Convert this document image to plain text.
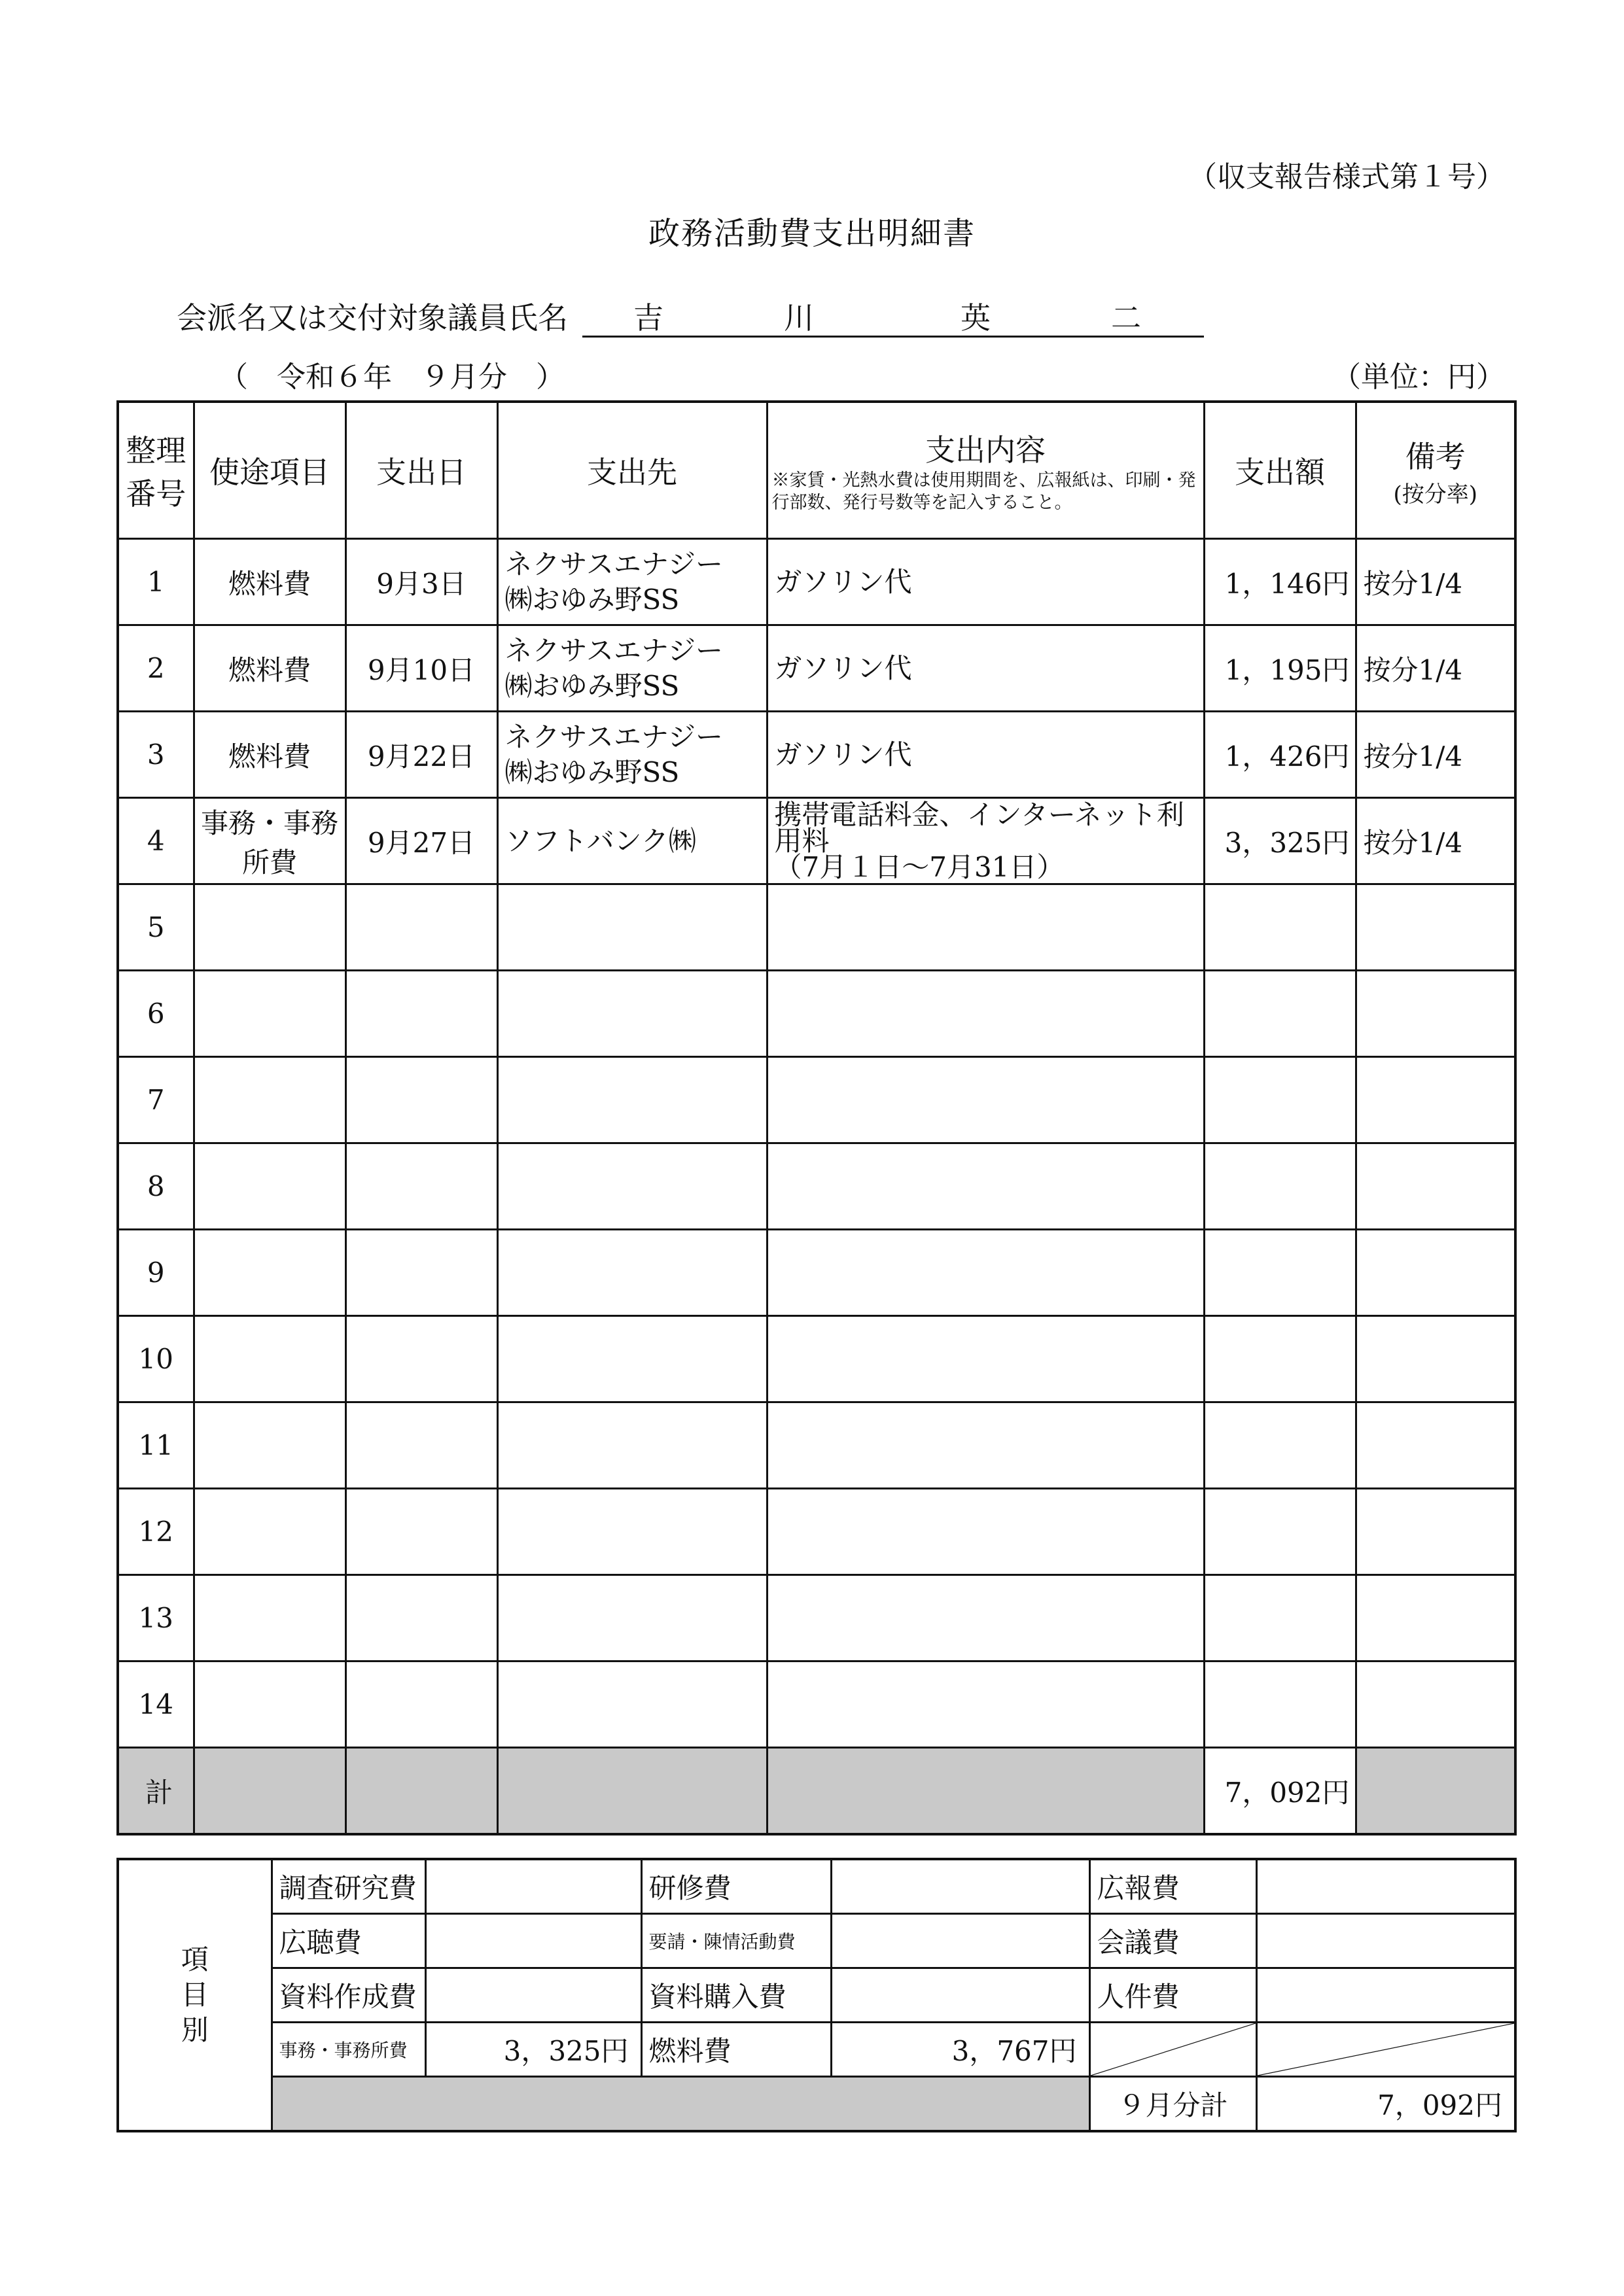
（収支報告様式第１号）
政務活動費支出明細書
会派名又は交付対象議員氏名 吉	川	英	二
（　令和６年　９月分　）	（単位：円）
整理
番号	使途項目	支出日	支出先	支出内容
※家賃・光熱水費は使用期間を、広報紙は、印刷・発行部数、発行号数等を記入すること。	支出額	備考
(按分率)

1	燃料費	9月3日	ネクサスエナジー
㈱おゆみ野SS	ガソリン代	1，146円	按分1/4
2	燃料費	9月10日	ネクサスエナジー
㈱おゆみ野SS	ガソリン代	1，195円	按分1/4
3	燃料費	9月22日	ネクサスエナジー
㈱おゆみ野SS	ガソリン代	1，426円	按分1/4
4	事務・事務所費	9月27日	ソフトバンク㈱	携帯電話料金、インターネット利用料
（7月１日～7月31日）	3，325円	按分1/4
5						
6						
7						
8						
9						
10						
11						
12						
13						
14						
計					7，092円	
項
目
別	調査研究費		研修費		広報費	
	広聴費		要請・陳情活動費		会議費	
	資料作成費		資料購入費		人件費	
	事務・事務所費	3，325円	燃料費	3，767円	

					９月分計	7，092円
